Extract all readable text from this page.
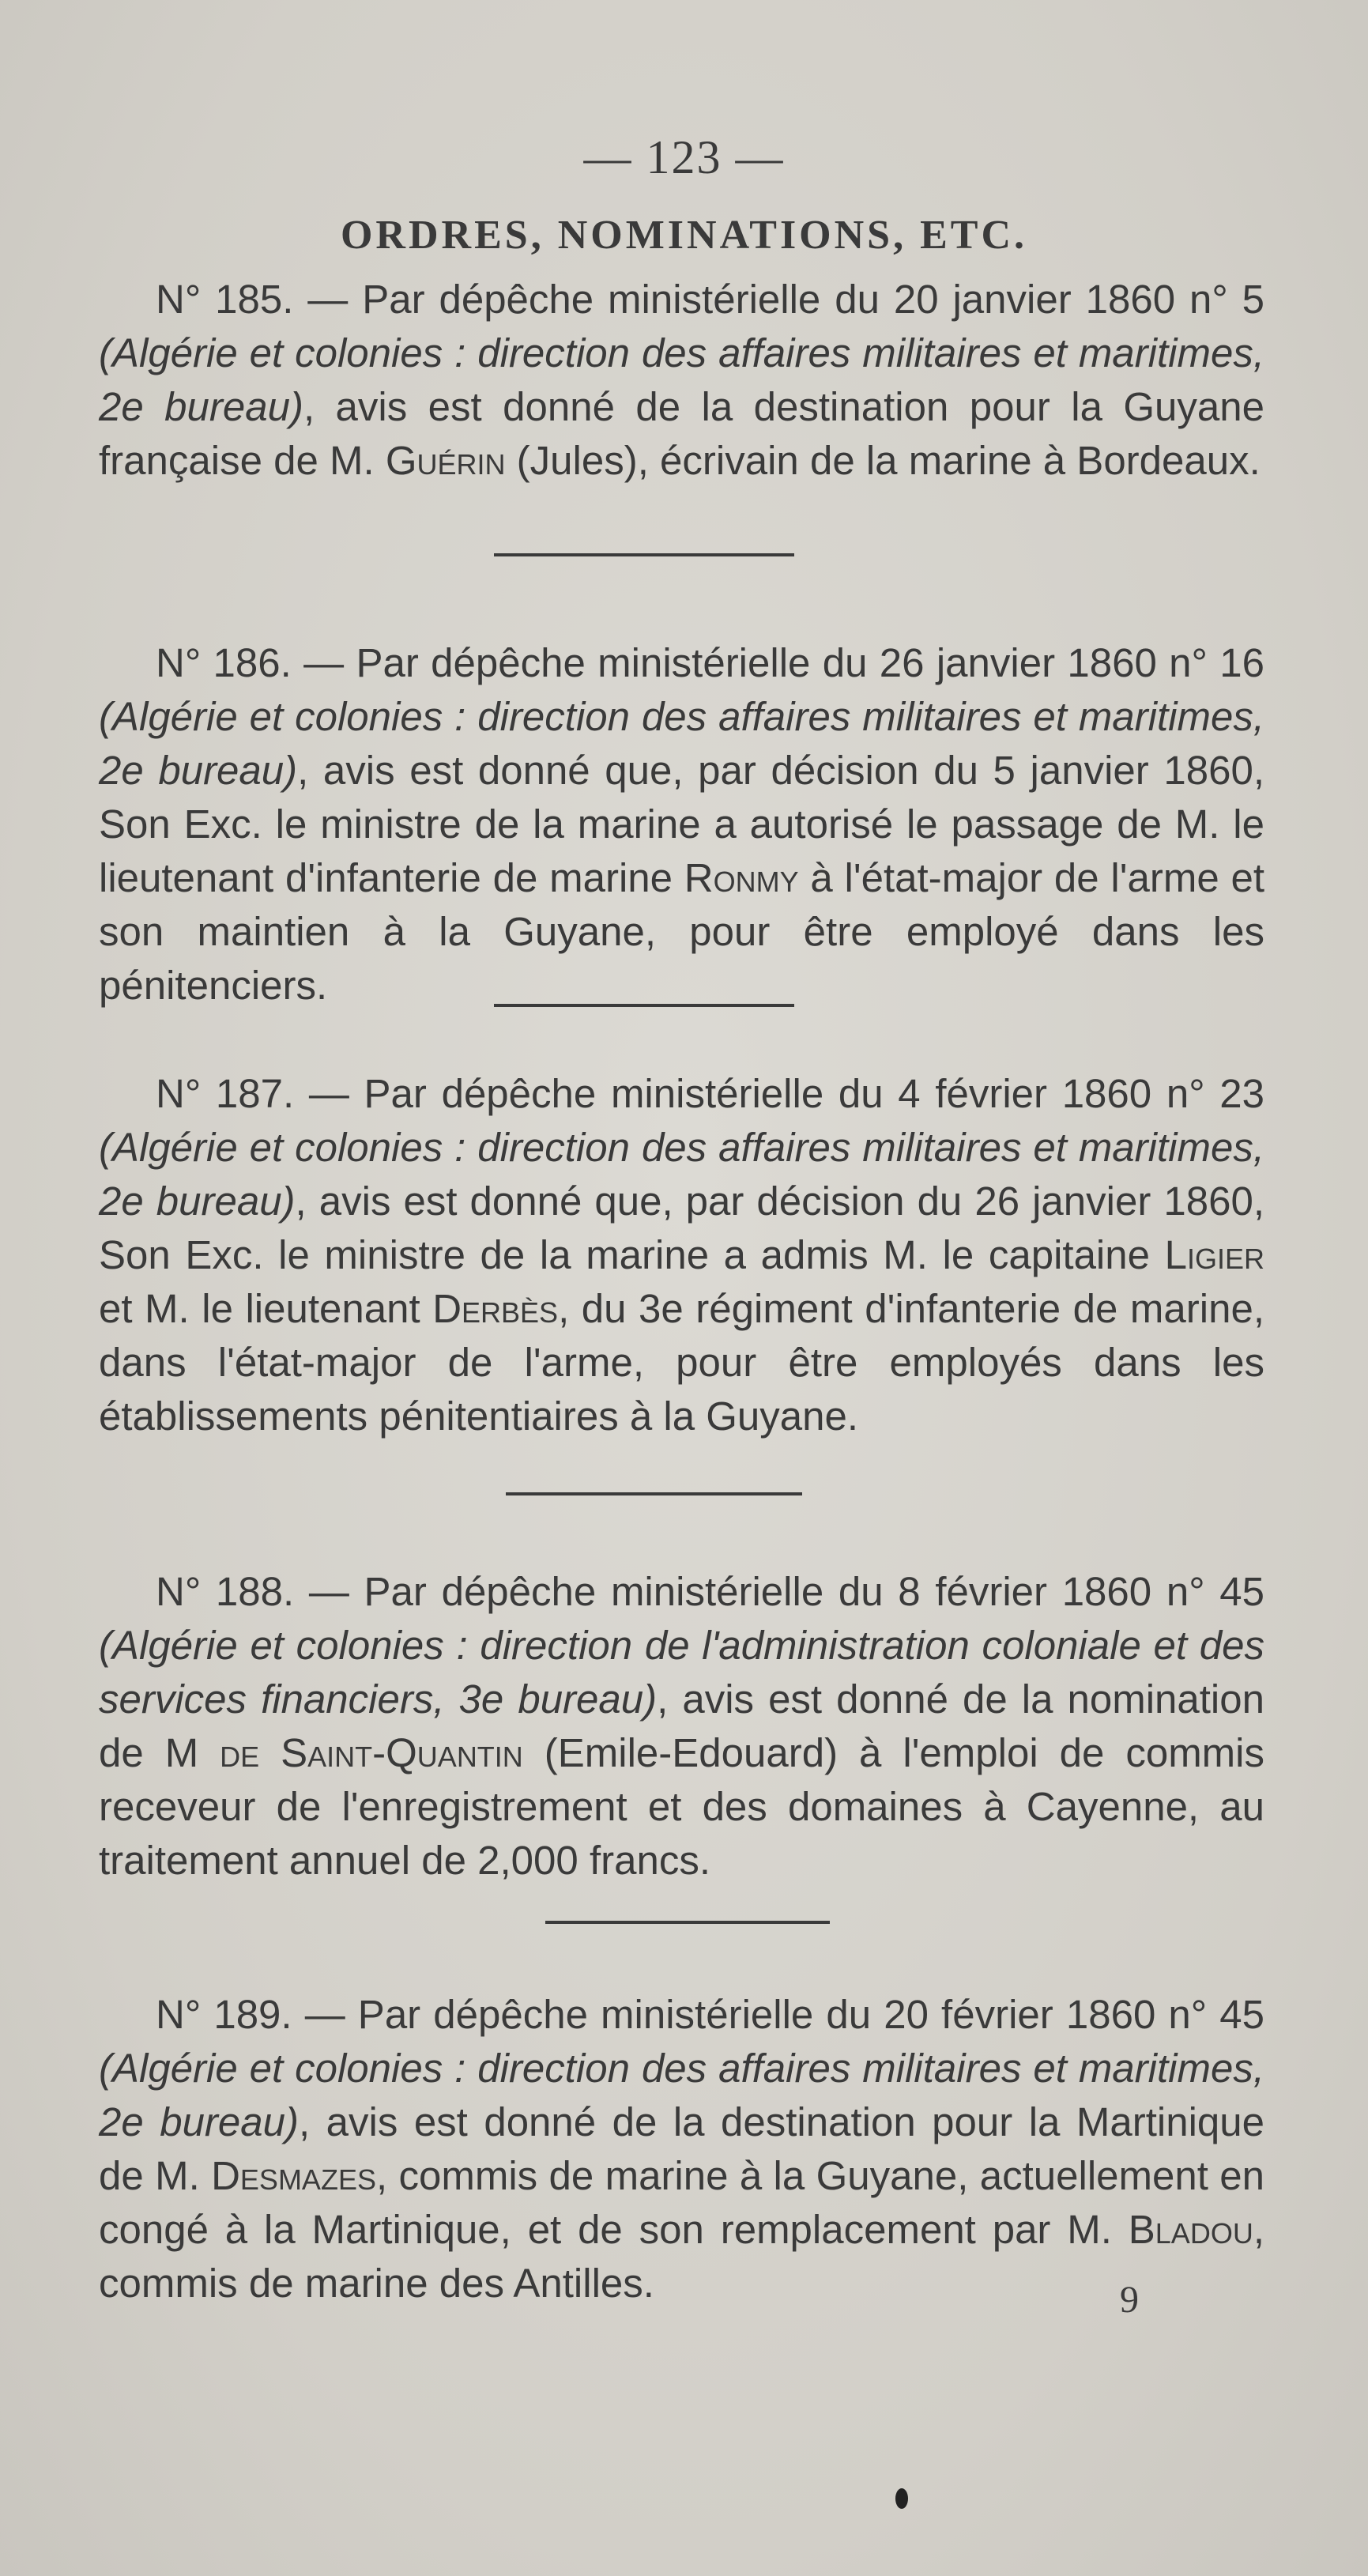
— 123 —
ORDRES, NOMINATIONS, ETC.

N° 185. — Par dépêche ministérielle du 20 janvier 1860 n° 5 (Algérie et colonies : direction des affaires militaires et maritimes, 2e bureau), avis est donné de la destination pour la Guyane française de M. Guérin (Jules), écrivain de la marine à Bordeaux.

N° 186. — Par dépêche ministérielle du 26 janvier 1860 n° 16 (Algérie et colonies : direction des affaires militaires et maritimes, 2e bureau), avis est donné que, par décision du 5 janvier 1860, Son Exc. le ministre de la marine a autorisé le passage de M. le lieutenant d'infanterie de marine Ronmy à l'état-major de l'arme et son maintien à la Guyane, pour être employé dans les pénitenciers.

N° 187. — Par dépêche ministérielle du 4 février 1860 n° 23 (Algérie et colonies : direction des affaires militaires et maritimes, 2e bureau), avis est donné que, par décision du 26 janvier 1860, Son Exc. le ministre de la marine a admis M. le capitaine Ligier et M. le lieutenant Derbès, du 3e régiment d'infanterie de marine, dans l'état-major de l'arme, pour être employés dans les établissements pénitentiaires à la Guyane.

N° 188. — Par dépêche ministérielle du 8 février 1860 n° 45 (Algérie et colonies : direction de l'administration coloniale et des services financiers, 3e bureau), avis est donné de la nomination de M de Saint-Quantin (Emile-Edouard) à l'emploi de commis receveur de l'enregistrement et des domaines à Cayenne, au traitement annuel de 2,000 francs.

N° 189. — Par dépêche ministérielle du 20 février 1860 n° 45 (Algérie et colonies : direction des affaires militaires et maritimes, 2e bureau), avis est donné de la destination pour la Martinique de M. Desmazes, commis de marine à la Guyane, actuellement en congé à la Martinique, et de son remplacement par M. Bladou, commis de marine des Antilles.	9
